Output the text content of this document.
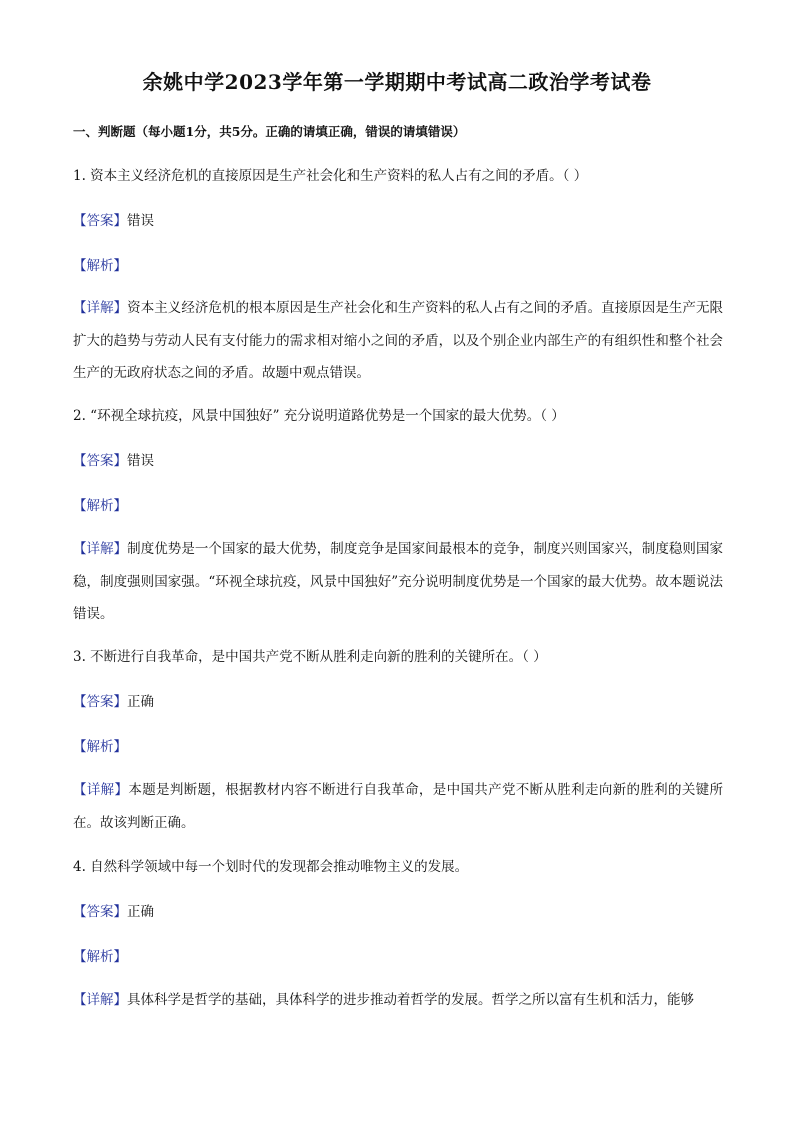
余姚中学2023学年第一学期期中考试高二政治学考试卷
一、判断题（每小题1分，共5分。正确的请填正确，错误的请填错误）
1. 资本主义经济危机的直接原因是生产社会化和生产资料的私人占有之间的矛盾。（ ）
【答案】错误
【解析】
【详解】资本主义经济危机的根本原因是生产社会化和生产资料的私人占有之间的矛盾。直接原因是生产无限扩大的趋势与劳动人民有支付能力的需求相对缩小之间的矛盾，以及个别企业内部生产的有组织性和整个社会生产的无政府状态之间的矛盾。故题中观点错误。
2. “环视全球抗疫，风景中国独好” 充分说明道路优势是一个国家的最大优势。（ ）
【答案】错误
【解析】
【详解】制度优势是一个国家的最大优势，制度竞争是国家间最根本的竞争，制度兴则国家兴，制度稳则国家稳，制度强则国家强。“环视全球抗疫，风景中国独好”充分说明制度优势是一个国家的最大优势。故本题说法错误。
3. 不断进行自我革命，是中国共产党不断从胜利走向新的胜利的关键所在。（ ）
【答案】正确
【解析】
【详解】本题是判断题，根据教材内容不断进行自我革命，是中国共产党不断从胜利走向新的胜利的关键所在。故该判断正确。
4. 自然科学领域中每一个划时代的发现都会推动唯物主义的发展。
【答案】正确
【解析】
【详解】具体科学是哲学的基础，具体科学的进步推动着哲学的发展。哲学之所以富有生机和活力，能够
